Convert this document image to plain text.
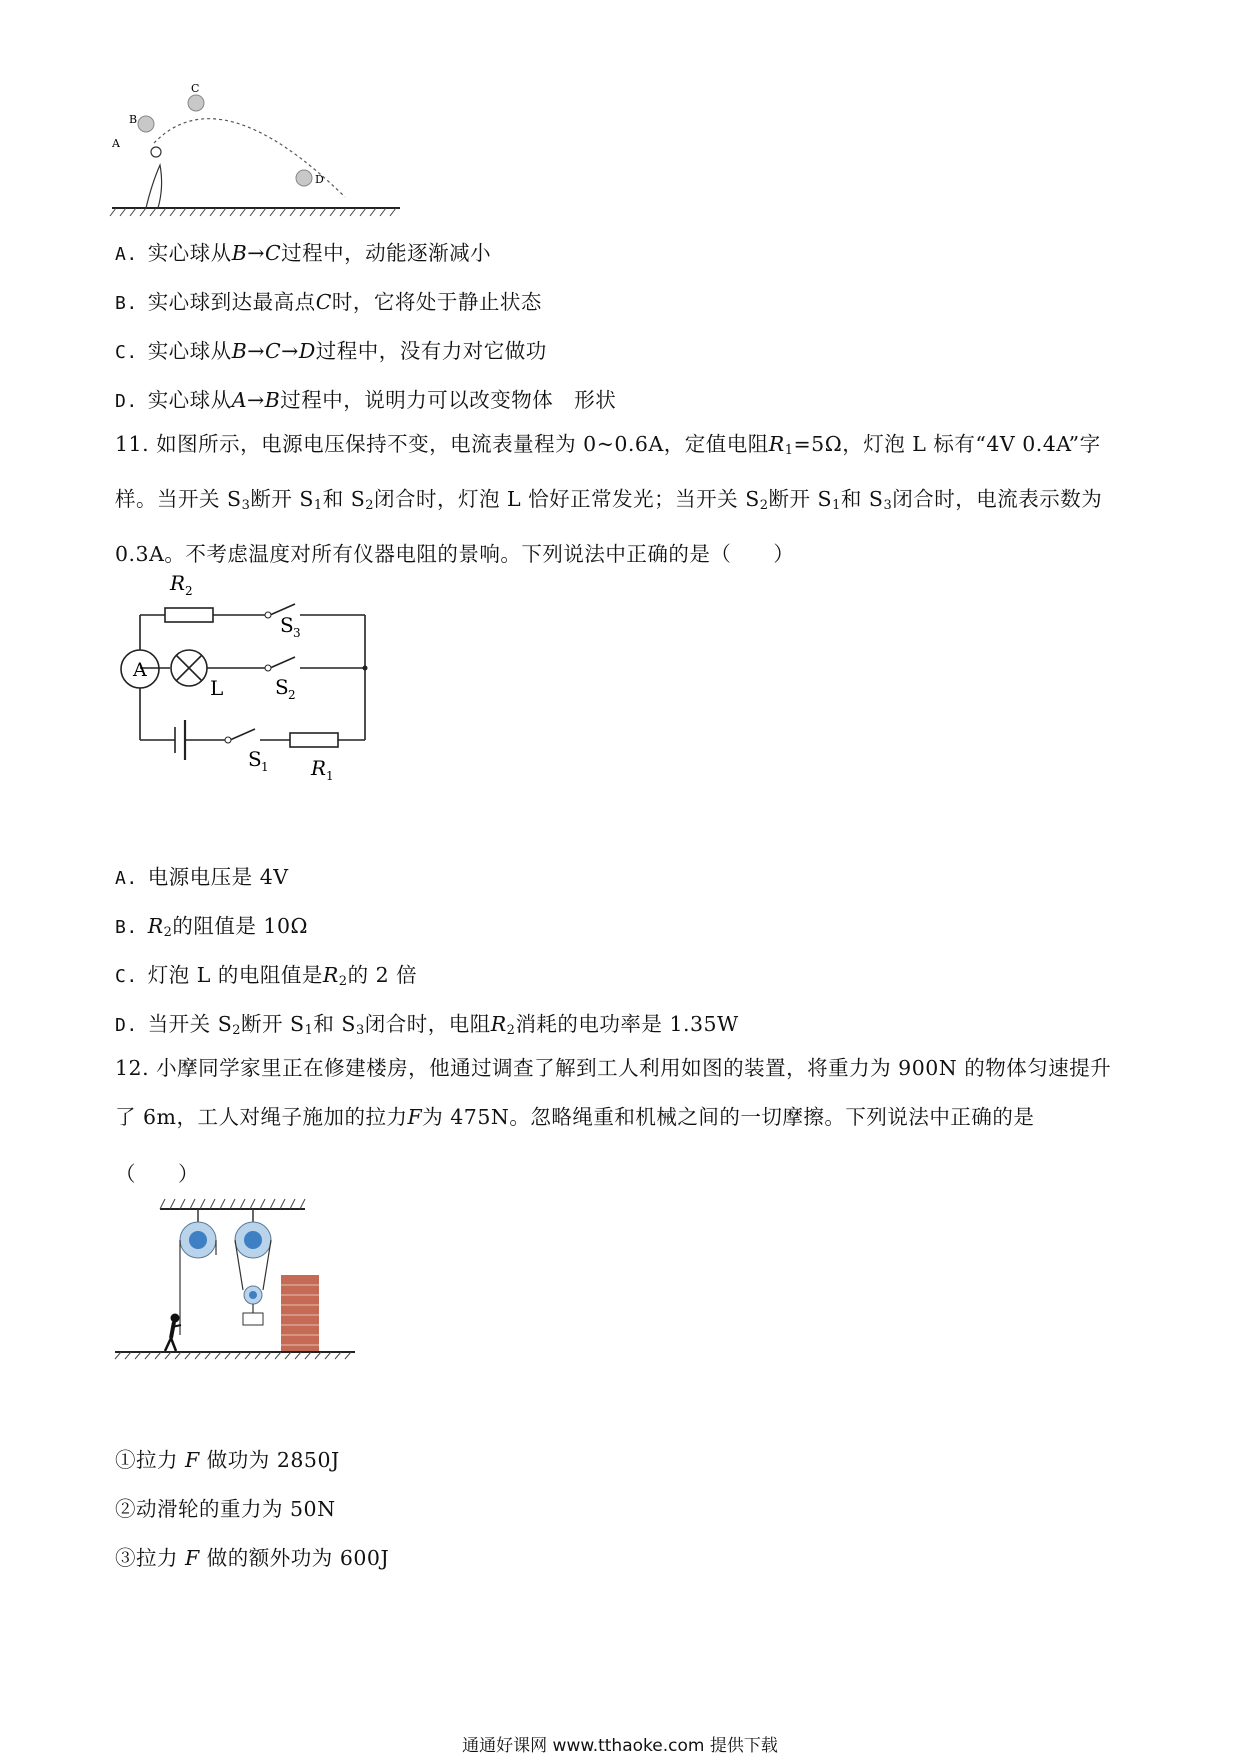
A
B
C
D
A. 实心球从B→C过程中，动能逐渐减小
B. 实心球到达最高点C时，它将处于静止状态
C. 实心球从B→C→D过程中，没有力对它做功
D. 实心球从A→B过程中，说明力可以改变物体　形状
11. 如图所示，电源电压保持不变，电流表量程为 0~0.6A，定值电阻$R_1=5\Omega$，灯泡 L 标有“4V 0.4A”字样。当开关 $S_3$断开 $S_1$和 $S_2$闭合时，灯泡 L 恰好正常发光；当开关 $S_2$断开 $S_1$和 $S_3$闭合时，电流表示数为 0.3A。不考虑温度对所有仪器电阻的景响。下列说法中正确的是（　　）
R 2
S 3
L	S 2
A
S 1 R 1
A. 电源电压是 4V
B. $R_2$的阻值是 10Ω
C. 灯泡 L 的电阻值是$R_2$的 2 倍
D. 当开关 $S_2$断开 $S_1$和 $S_3$闭合时，电阻$R_2$消耗的电功率是 1.35W
12. 小摩同学家里正在修建楼房，他通过调查了解到工人利用如图的装置，将重力为 900N 的物体匀速提升了 6m，工人对绳子施加的拉力F为 475N。忽略绳重和机械之间的一切摩擦。下列说法中正确的是
（　　）
①拉力 F 做功为 2850J
②动滑轮的重力为 50N
③拉力 F 做的额外功为 600J
通通好课网 www.tthaoke.com 提供下载
